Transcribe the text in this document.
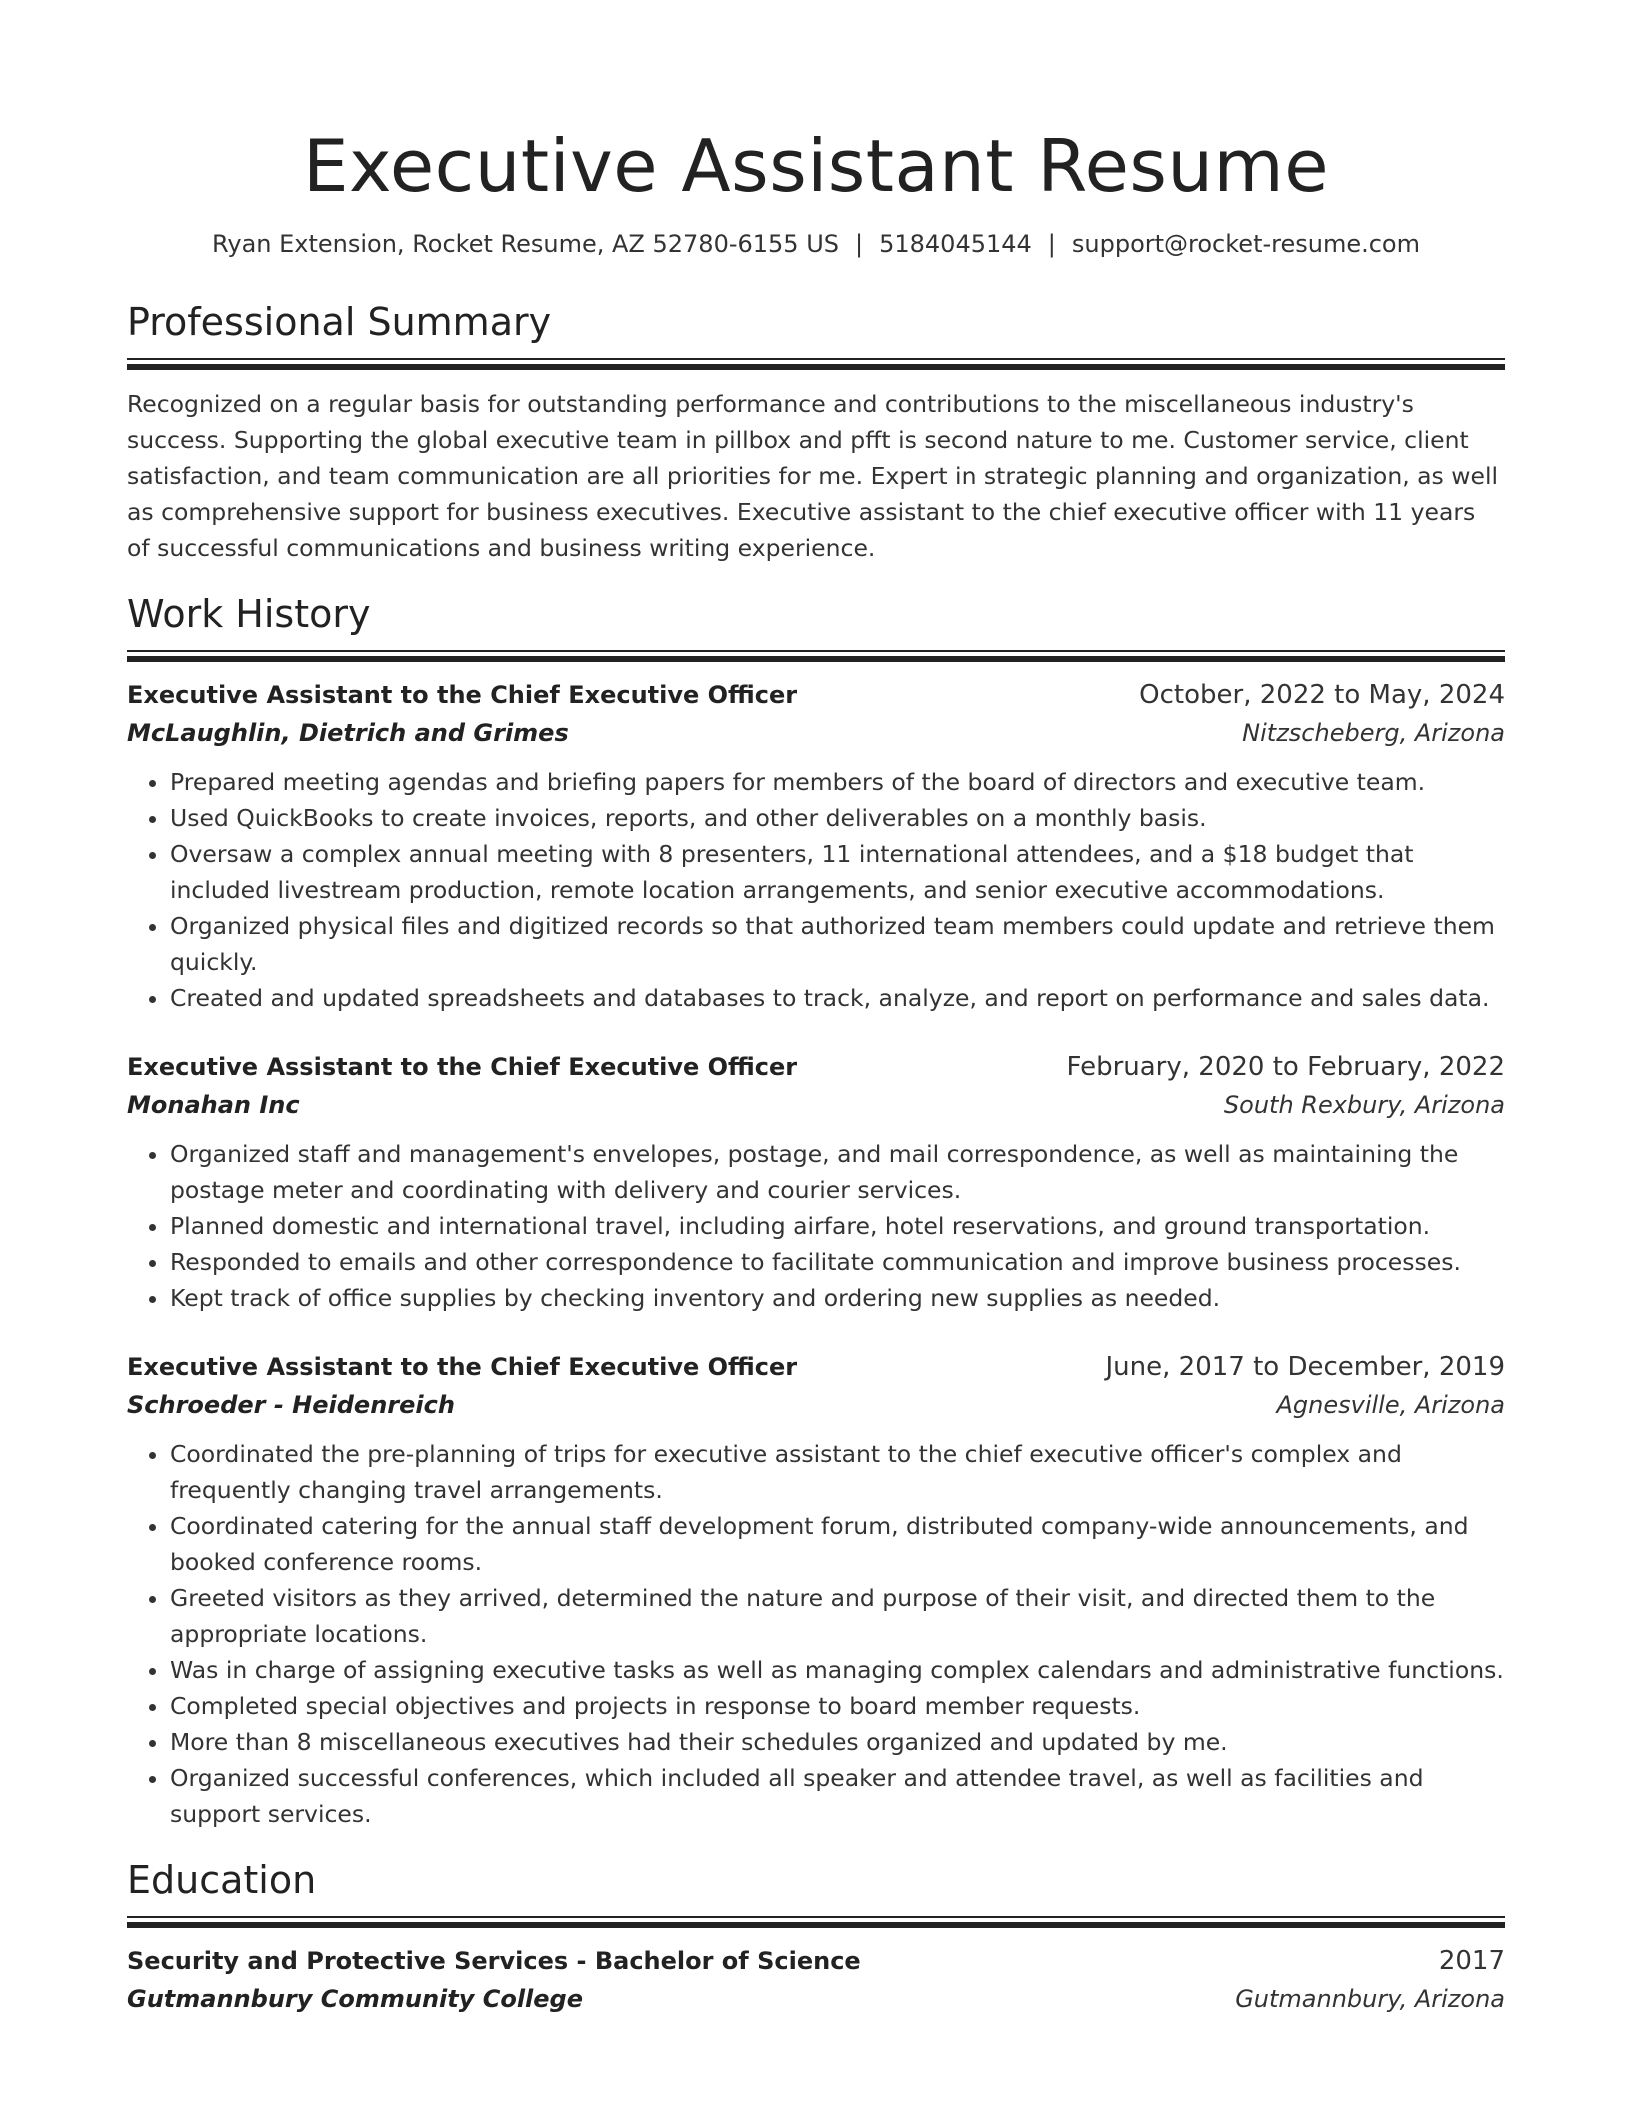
Executive Assistant Resume
Ryan Extension, Rocket Resume, AZ 52780-6155 US | 5184045144 | support@rocket-resume.com
Professional Summary

Recognized on a regular basis for outstanding performance and contributions to the miscellaneous industry's success. Supporting the global executive team in pillbox and pfft is second nature to me. Customer service, client satisfaction, and team communication are all priorities for me. Expert in strategic planning and organization, as well as comprehensive support for business executives. Executive assistant to the chief executive officer with 11 years of successful communications and business writing experience.

Work History
Executive Assistant to the Chief Executive Officer	October, 2022 to May, 2024
McLaughlin, Dietrich and Grimes	Nitzscheberg, Arizona
• Prepared meeting agendas and briefing papers for members of the board of directors and executive team.
• Used QuickBooks to create invoices, reports, and other deliverables on a monthly basis.
• Oversaw a complex annual meeting with 8 presenters, 11 international attendees, and a $18 budget that included livestream production, remote location arrangements, and senior executive accommodations.
• Organized physical files and digitized records so that authorized team members could update and retrieve them quickly.
• Created and updated spreadsheets and databases to track, analyze, and report on performance and sales data.
Executive Assistant to the Chief Executive Officer	February, 2020 to February, 2022
Monahan Inc	South Rexbury, Arizona
• Organized staff and management's envelopes, postage, and mail correspondence, as well as maintaining the postage meter and coordinating with delivery and courier services.
• Planned domestic and international travel, including airfare, hotel reservations, and ground transportation.
• Responded to emails and other correspondence to facilitate communication and improve business processes.
• Kept track of office supplies by checking inventory and ordering new supplies as needed.
Executive Assistant to the Chief Executive Officer	June, 2017 to December, 2019
Schroeder - Heidenreich	Agnesville, Arizona
• Coordinated the pre-planning of trips for executive assistant to the chief executive officer's complex and frequently changing travel arrangements.
• Coordinated catering for the annual staff development forum, distributed company-wide announcements, and booked conference rooms.
• Greeted visitors as they arrived, determined the nature and purpose of their visit, and directed them to the appropriate locations.
• Was in charge of assigning executive tasks as well as managing complex calendars and administrative functions.
• Completed special objectives and projects in response to board member requests.
• More than 8 miscellaneous executives had their schedules organized and updated by me.
• Organized successful conferences, which included all speaker and attendee travel, as well as facilities and support services.
Education
Security and Protective Services - Bachelor of Science	2017
Gutmannbury Community College	Gutmannbury, Arizona
